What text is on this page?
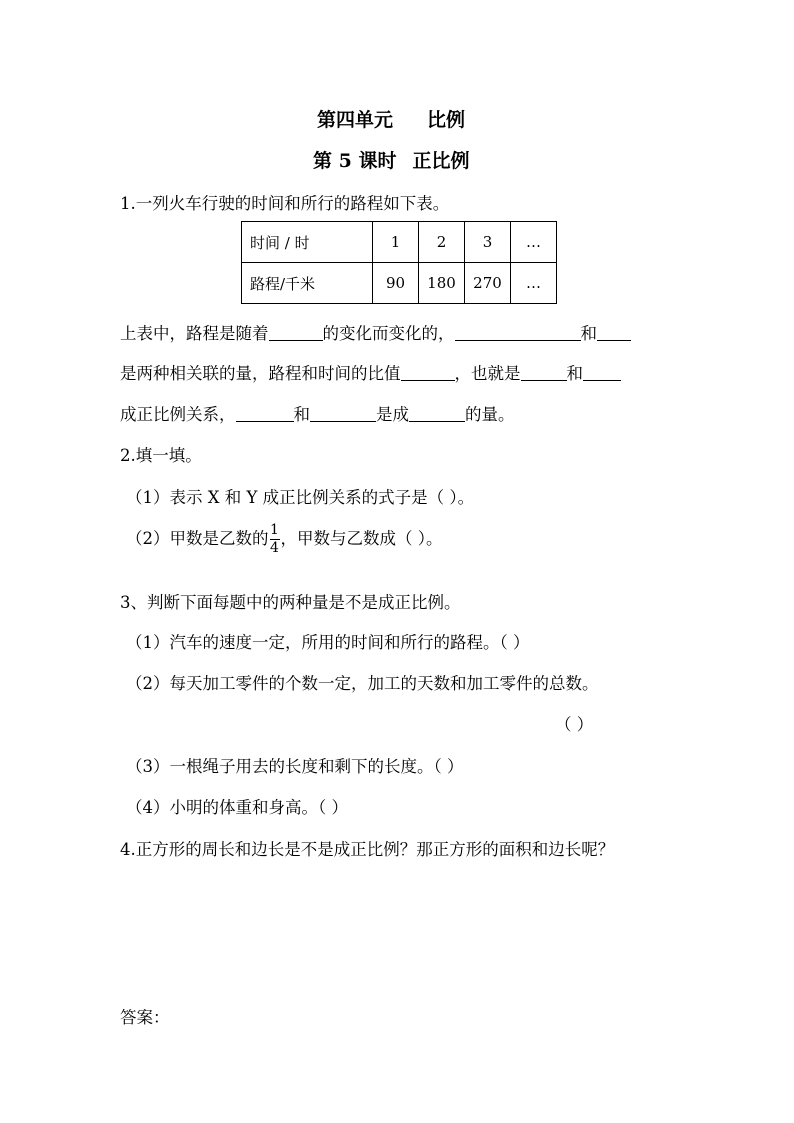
第四单元 比例
第 5 课时 正比例
1.一列火车行驶的时间和所行的路程如下表。
时间 / 时	1	2	3	…
路程/千米	90	180	270	…
上表中，路程是随着	的变化而变化的，	和
是两种相关联的量，路程和时间的比值	，也就是	和
成正比例关系，	和	是成	的量。
2.填一填。
（1）表示 X 和 Y 成正比例关系的式子是（ ）。
（2）甲数是乙数的 $\frac{1}{4}$ ，甲数与乙数成（ ）。
3、判断下面每题中的两种量是不是成正比例。
（1）汽车的速度一定，所用的时间和所行的路程。（ ）
（2）每天加工零件的个数一定，加工的天数和加工零件的总数。
（ ）
（3）一根绳子用去的长度和剩下的长度。（ ）
（4）小明的体重和身高。（ ）
4.正方形的周长和边长是不是成正比例？那正方形的面积和边长呢？
答案：
